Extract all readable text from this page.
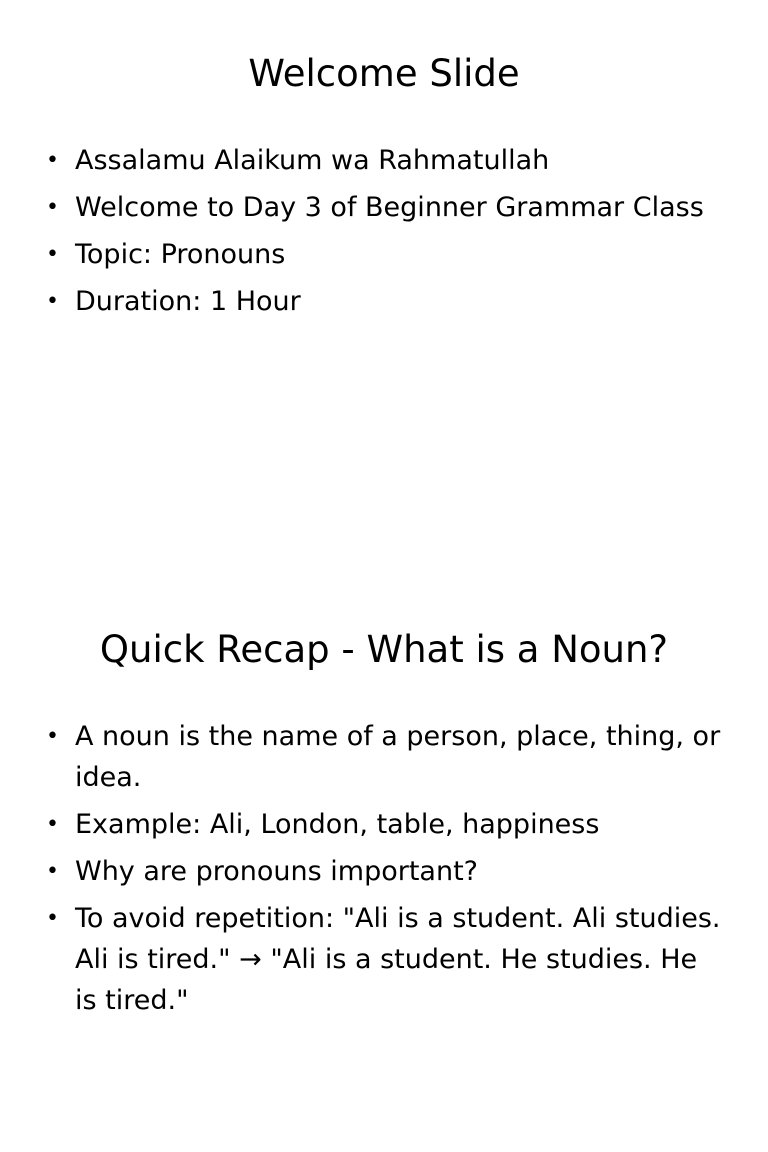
Welcome Slide
• Assalamu Alaikum wa Rahmatullah
• Welcome to Day 3 of Beginner Grammar Class
• Topic: Pronouns
• Duration: 1 Hour
Quick Recap - What is a Noun?
• A noun is the name of a person, place, thing, or idea.
• Example: Ali, London, table, happiness
• Why are pronouns important?
• To avoid repetition: "Ali is a student. Ali studies. Ali is tired." → "Ali is a student. He studies. He is tired."
